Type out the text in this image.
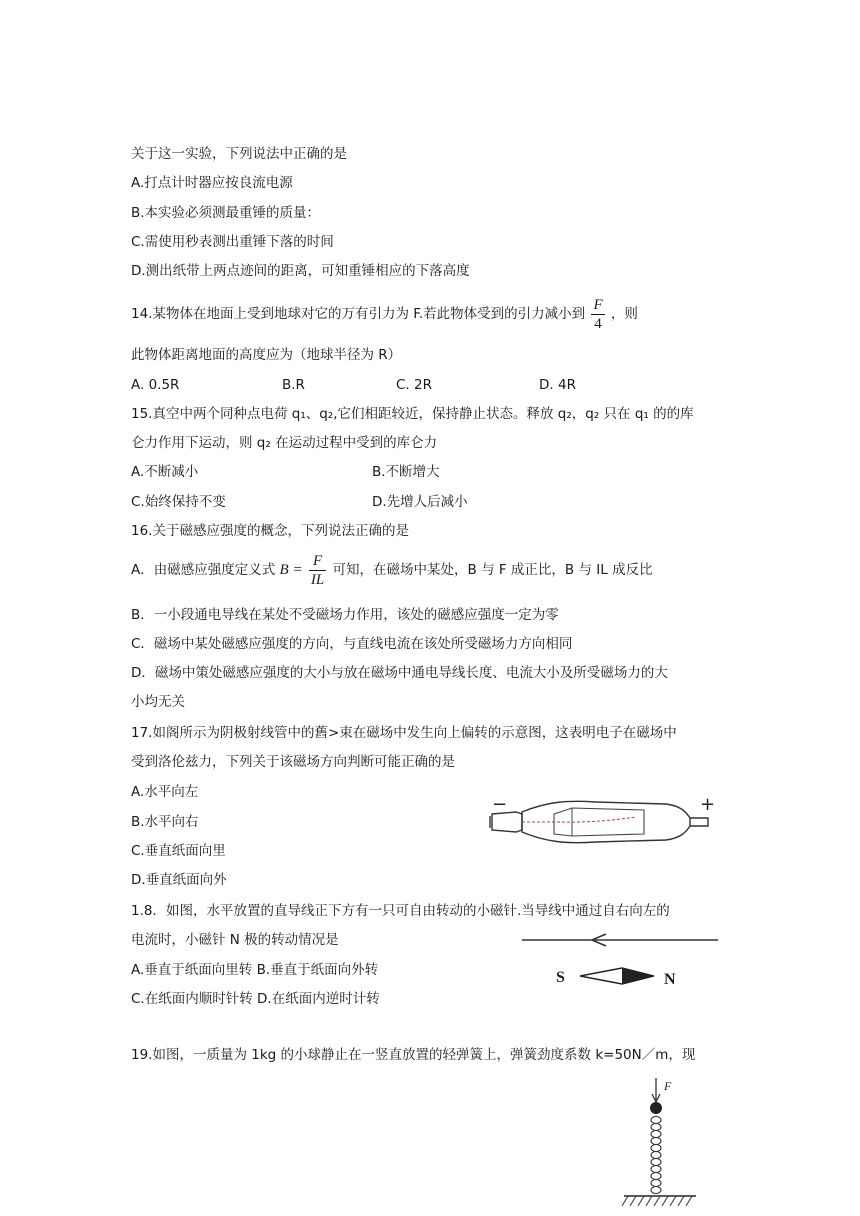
关于这一实验，下列说法中正确的是
A.打点计时器应按良流电源
B.本实验必须测最重锤的质量：
C.需使用秒表测出重锤下落的时间
D.测出纸带上两点迹间的距离，可知重锤相应的下落高度
14.某物体在地面上受到地球对它的万有引力为 F.若此物体受到的引力减小到 $\frac{F}{4}$ ，则
此物体距离地面的高度应为（地球半径为 R）
A. 0.5R	B.R	C. 2R	D. 4R
15.真空中两个同种点电荷 q₁、q₂,它们相距较近，保持静止状态。释放 q₂，q₂ 只在 q₁ 的的库
仑力作用下运动，则 q₂ 在运动过程中受到的库仑力
A.不断减小	B.不断增大
C.始终保持不变	D.先增人后减小
16.关于磁感应强度的概念，下列说法正确的是
A．由磁感应强度定义式 $B = \frac{F}{IL}$ 可知，在磁场中某处，B 与 F 成正比，B 与 IL 成反比
B．一小段通电导线在某处不受磁场力作用，该处的磁感应强度一定为零
C．磁场中某处磁感应强度的方向，与直线电流在该处所受磁场力方向相同
D．磁场中策处磁感应强度的大小与放在磁场中通电导线长度、电流大小及所受磁场力的大
小均无关
17.如阁所示为阴极射线管中的舊>束在磁场中发生向上偏转的示意图，这表明电子在磁场中
受到洛伦兹力，下列关于该磁场方向判断可能正确的是
A.水平向左
B.水平向右
C.垂直纸面向里
D.垂直纸面向外
−	+
1.8．如图，水平放置的直导线正下方有一只可自由转动的小磁针.当导线中通过自右向左的
电流时，小磁针 N 极的转动情况是
A.垂直于纸面向里转 B.垂直于纸面向外转
C.在纸面内顺时针转 D.在纸面内逆时计转
S	N
19.如图，一质量为 1kg 的小球静止在一竖直放置的轻弹簧上，弹簧劲度系数 k=50N／m，现
F
